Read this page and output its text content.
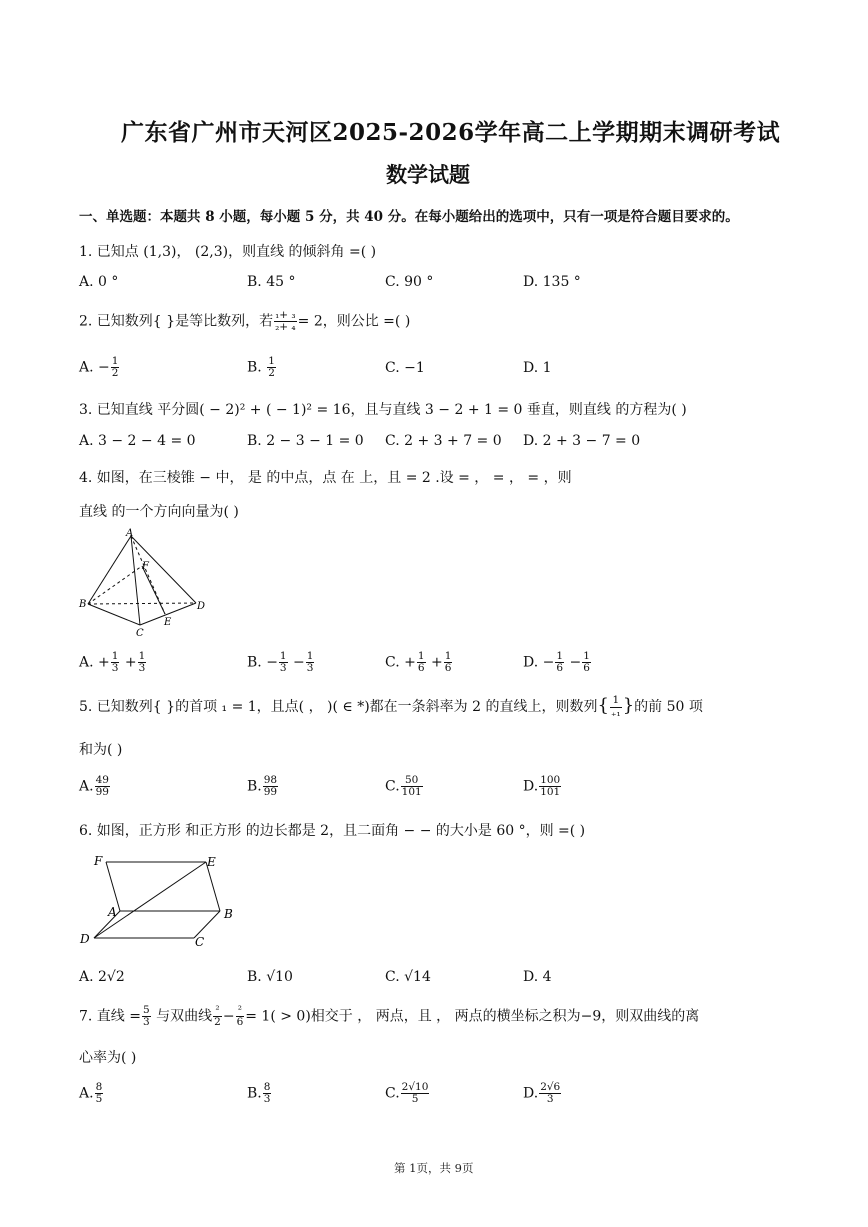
广东省广州市天河区2025-2026学年高二上学期期末调研考试
数学试题
一、单选题：本题共 8 小题，每小题 5 分，共 40 分。在每小题给出的选项中，只有一项是符合题目要求的。
1. 已知点 (1,3)， (2,3)，则直线 的倾斜角 =( )
A. 0 °	B. 45 °	C. 90 °	D. 135 °
2. 已知数列{ }是等比数列，若 $\frac{\text{₁+ ₃}}{\text{₂+ ₄}} = 2$，则公比 =( )
A. − $\frac{1}{2}$	B. $\frac{1}{2}$	C. −1	D. 1
3. 已知直线 平分圆( − 2)² + ( − 1)² = 16，且与直线 3 − 2 + 1 = 0 垂直，则直线 的方程为( )
A. 3 − 2 − 4 = 0	B. 2 − 3 − 1 = 0 C. 2 + 3 + 7 = 0 D. 2 + 3 − 7 = 0
4. 如图，在三棱锥 − 中， 是 的中点，点 在 上，且 = 2 .设 = ， = ， = ，则
直线 的一个方向向量为( )
A
F
B
C
E
D
A. + $\frac{1}{3} + \frac{1}{3}$	B. − $\frac{1}{3} - \frac{1}{3}$	C. + $\frac{1}{6} + \frac{1}{6}$	D. − $\frac{1}{6} - \frac{1}{6}$
5. 已知数列{ }的首项 ₁ = 1，且点( ， )( ∈ *)都在一条斜率为 2 的直线上，则数列{ $\frac{1}{\text{₊₁}}$ }的前 50 项
和为( )
A. $\frac{49}{99}$	B. $\frac{98}{99}$	C. $\frac{50}{101}$	D. $\frac{100}{101}$
6. 如图，正方形 和正方形 的边长都是 2，且二面角 − − 的大小是 60 °，则 =( )
F	E
A	B
D	C
A. 2√2	B. √10	C. √14	D. 4
7. 直线 = $\frac{5}{3}$ 与双曲线 $\frac{\text{²}}{2} - \frac{\text{²}}{6} = 1( > 0)$相交于 ， 两点，且 ， 两点的横坐标之积为−9，则双曲线的离
心率为( )
A. $\frac{8}{5}$	B. $\frac{8}{3}$	C. $\frac{2√10}{5}$	D. $\frac{2√6}{3}$
第 1页，共 9页
